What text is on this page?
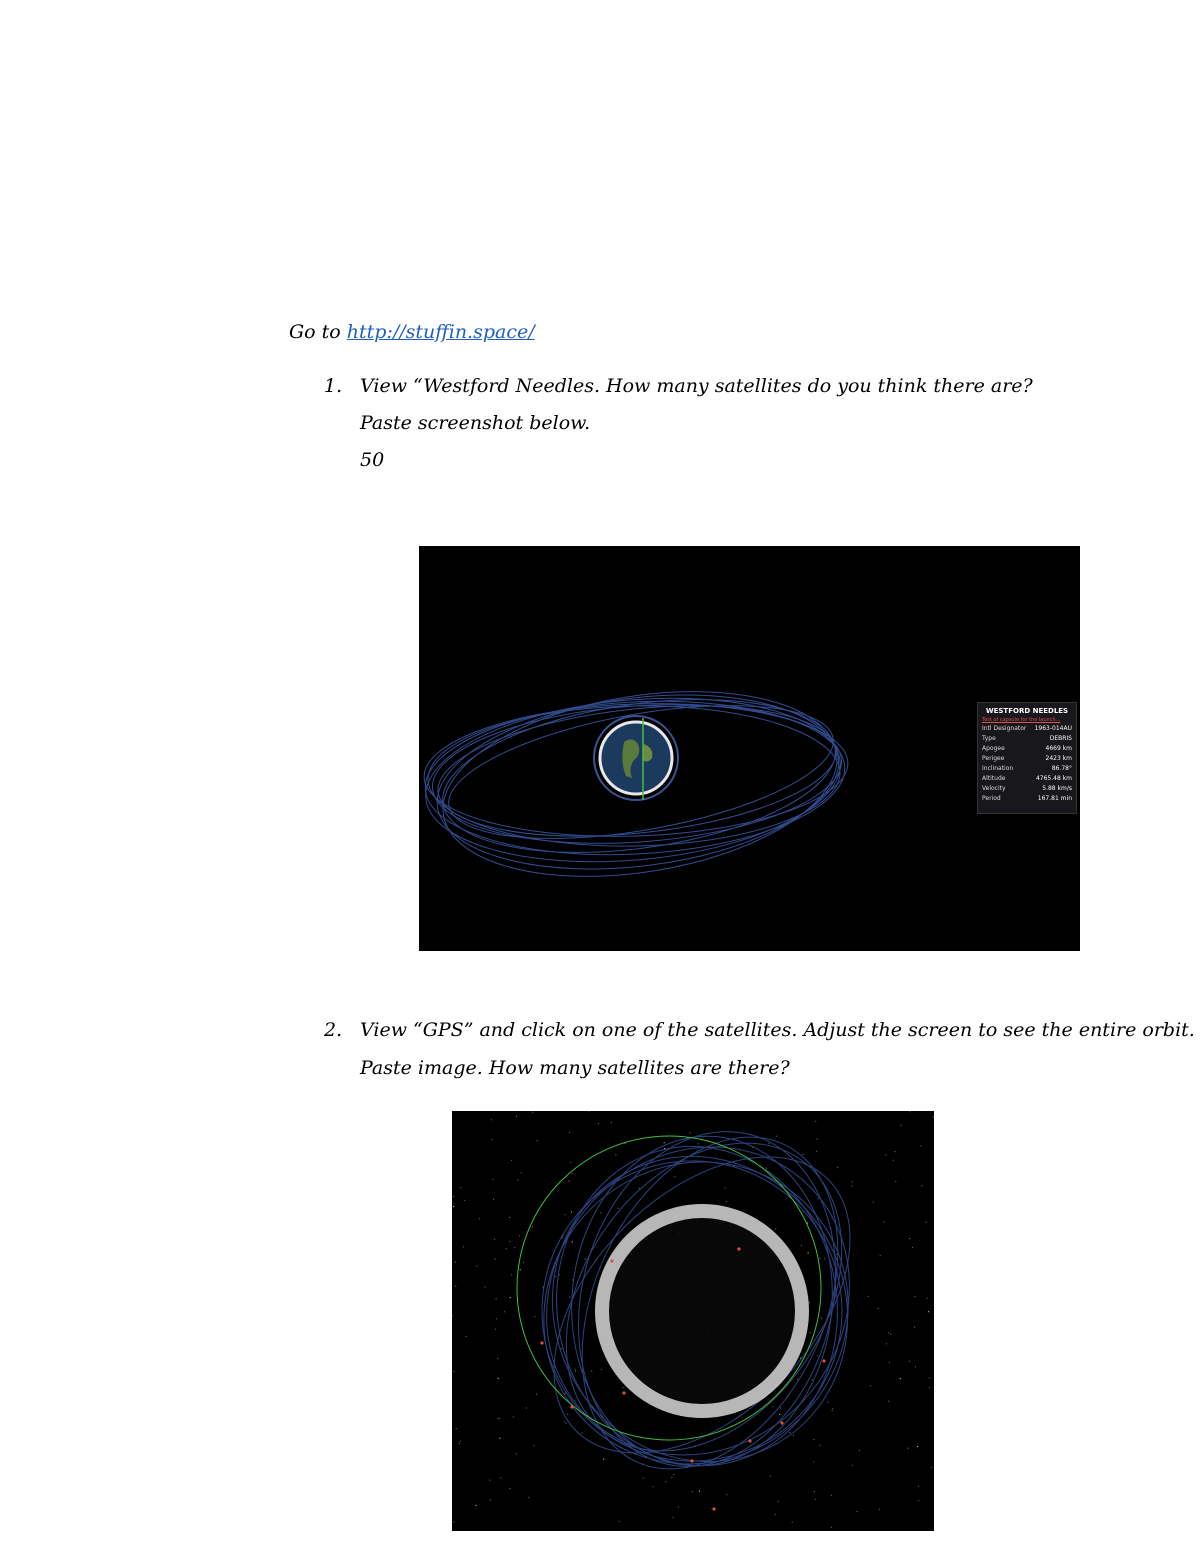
Go to http://stuffin.space/
1. View “Westford Needles. How many satellites do you think there are?
Paste screenshot below.
50
WESTFORD NEEDLES
Test of capsule for the launch...
Intl Designator 1963-014AU
Type	DEBRIS
Apogee	4669 km
Perigee	2423 km
Inclination	86.78°
Altitude	4765.48 km
Velocity	5.88 km/s
Period	167.81 min
2. View “GPS” and click on one of the satellites. Adjust the screen to see the entire orbit.
Paste image. How many satellites are there?
